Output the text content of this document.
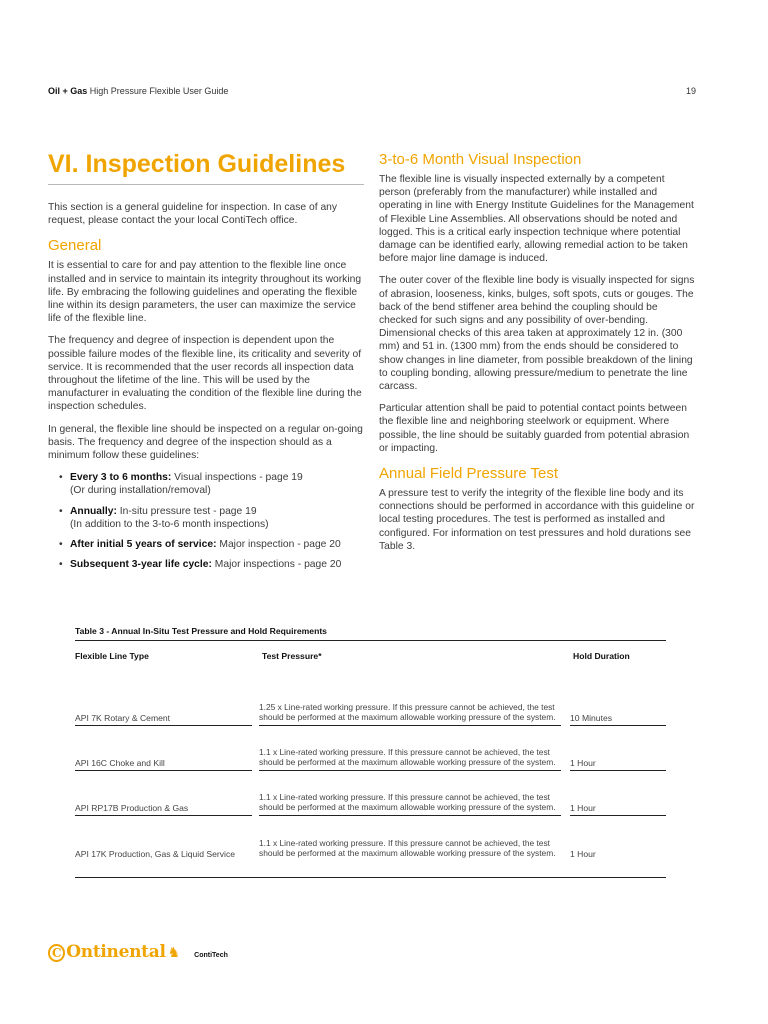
Oil + Gas High Pressure Flexible User Guide	19
VI. Inspection Guidelines

This section is a general guideline for inspection. In case of any request, please contact the your local ContiTech office.

General

It is essential to care for and pay attention to the flexible line once installed and in service to maintain its integrity throughout its working life. By embracing the following guidelines and operating the flexible line within its design parameters, the user can maximize the service life of the flexible line.

The frequency and degree of inspection is dependent upon the possible failure modes of the flexible line, its criticality and severity of service. It is recommended that the user records all inspection data throughout the lifetime of the line. This will be used by the manufacturer in evaluating the condition of the flexible line during the inspection schedules.

In general, the flexible line should be inspected on a regular on-going basis. The frequency and degree of the inspection should as a minimum follow these guidelines:

• Every 3 to 6 months: Visual inspections - page 19
(Or during installation/removal)
• Annually: In-situ pressure test - page 19
(In addition to the 3-to-6 month inspections)
• After initial 5 years of service: Major inspection - page 20
• Subsequent 3-year life cycle: Major inspections - page 20
3-to-6 Month Visual Inspection

The flexible line is visually inspected externally by a competent person (preferably from the manufacturer) while installed and operating in line with Energy Institute Guidelines for the Management of Flexible Line Assemblies. All observations should be noted and logged. This is a critical early inspection technique where potential damage can be identified early, allowing remedial action to be taken before major line damage is induced.

The outer cover of the flexible line body is visually inspected for signs of abrasion, looseness, kinks, bulges, soft spots, cuts or gouges. The back of the bend stiffener area behind the coupling should be checked for such signs and any possibility of over-bending. Dimensional checks of this area taken at approximately 12 in. (300 mm) and 51 in. (1300 mm) from the ends should be considered to show changes in line diameter, from possible breakdown of the lining to coupling bonding, allowing pressure/medium to penetrate the line carcass.

Particular attention shall be paid to potential contact points between the flexible line and neighboring steelwork or equipment. Where possible, the line should be suitably guarded from potential abrasion or impacting.

Annual Field Pressure Test

A pressure test to verify the integrity of the flexible line body and its connections should be performed in accordance with this guideline or local testing procedures. The test is performed as installed and configured. For information on test pressures and hold durations see Table 3.

Table 3 - Annual In-Situ Test Pressure and Hold Requirements
Flexible Line Type	Test Pressure*	Hold Duration

API 7K Rotary & Cement	1.25 x Line-rated working pressure. If this pressure cannot be achieved, the test should be performed at the maximum allowable working pressure of the system.	10 Minutes

API 16C Choke and Kill	1.1 x Line-rated working pressure. If this pressure cannot be achieved, the test should be performed at the maximum allowable working pressure of the system.	1 Hour

API RP17B Production & Gas	1.1 x Line-rated working pressure. If this pressure cannot be achieved, the test should be performed at the maximum allowable working pressure of the system.	1 Hour

API 17K Production, Gas & Liquid Service	1.1 x Line-rated working pressure. If this pressure cannot be achieved, the test should be performed at the maximum allowable working pressure of the system.	1 Hour
C Ontinental ♞ ContiTech
